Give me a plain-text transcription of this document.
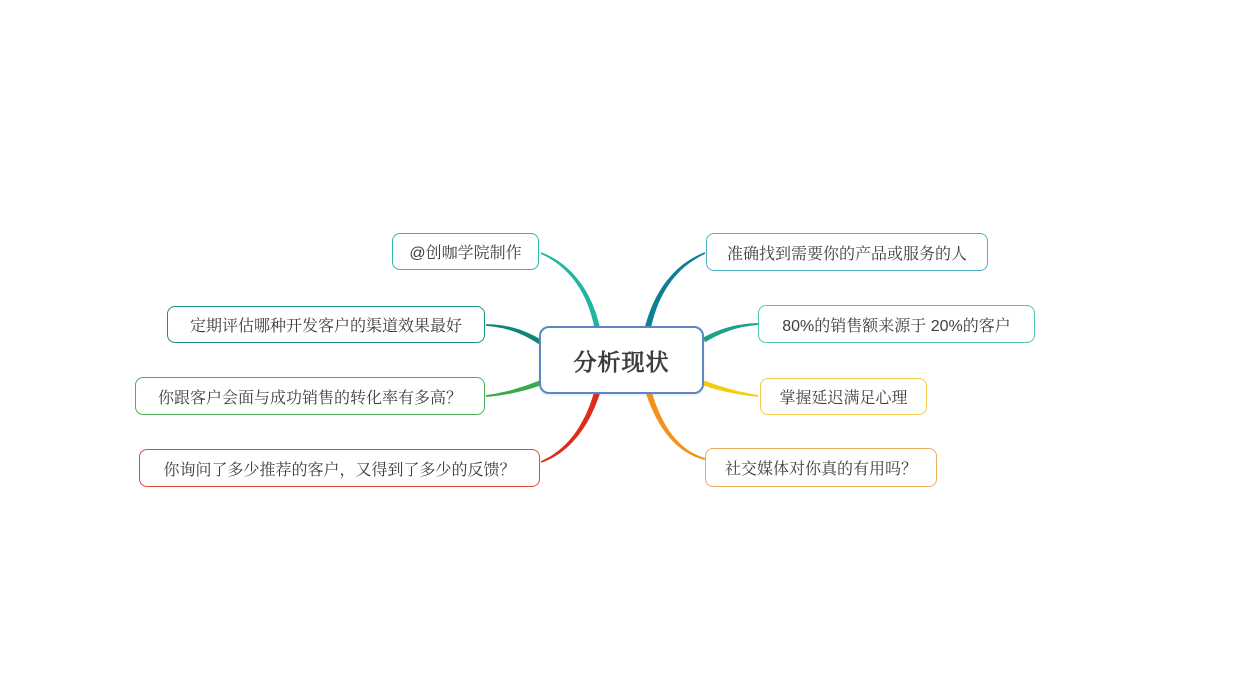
分析现状
@创咖学院制作
定期评估哪种开发客户的渠道效果最好
你跟客户会面与成功销售的转化率有多高？
你询问了多少推荐的客户，又得到了多少的反馈？
准确找到需要你的产品或服务的人
80%的销售额来源于 20%的客户
掌握延迟满足心理
社交媒体对你真的有用吗？
